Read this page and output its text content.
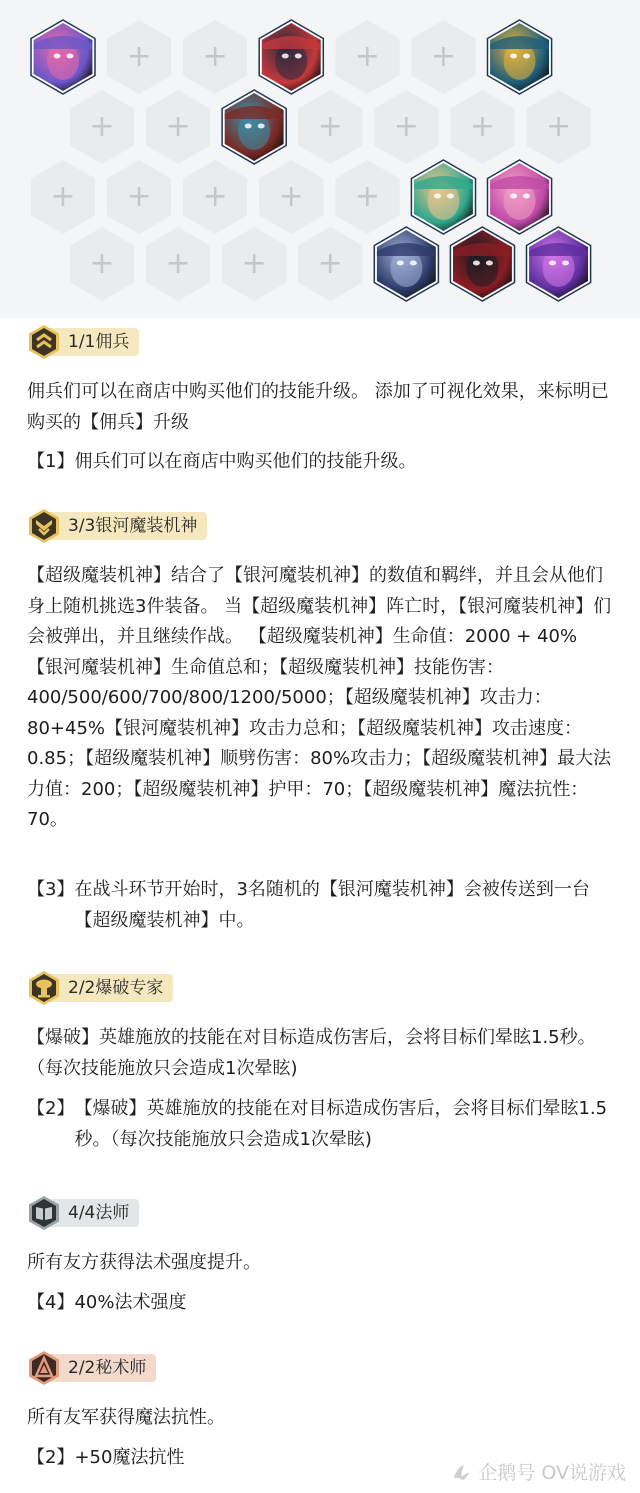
+ +	+ +
+ +	+ + + +
+ + + + +
+ + + +
1/1佣兵
佣兵们可以在商店中购买他们的技能升级。 添加了可视化效果，来标明已购买的【佣兵】升级
【1】 佣兵们可以在商店中购买他们的技能升级。
3/3银河魔装机神
【超级魔装机神】结合了【银河魔装机神】的数值和羁绊，并且会从他们身上随机挑选3件装备。 当【超级魔装机神】阵亡时，【银河魔装机神】们会被弹出，并且继续作战。 【超级魔装机神】生命值：2000 + 40%【银河魔装机神】生命值总和；【超级魔装机神】技能伤害：400/500/600/700/800/1200/5000；【超级魔装机神】攻击力：80+45%【银河魔装机神】攻击力总和；【超级魔装机神】攻击速度：0.85；【超级魔装机神】顺劈伤害：80%攻击力；【超级魔装机神】最大法力值：200；【超级魔装机神】护甲：70；【超级魔装机神】魔法抗性：70。
【3】 在战斗环节开始时，3名随机的【银河魔装机神】会被传送到一台【超级魔装机神】中。
2/2爆破专家
【爆破】英雄施放的技能在对目标造成伤害后，会将目标们晕眩1.5秒。（每次技能施放只会造成1次晕眩)
【2】 【爆破】英雄施放的技能在对目标造成伤害后，会将目标们晕眩1.5秒。（每次技能施放只会造成1次晕眩)
4/4法师
所有友方获得法术强度提升。
【4】 40%法术强度
2/2秘术师
所有友军获得魔法抗性。
【2】 +50魔法抗性
企鹅号 OV说游戏
